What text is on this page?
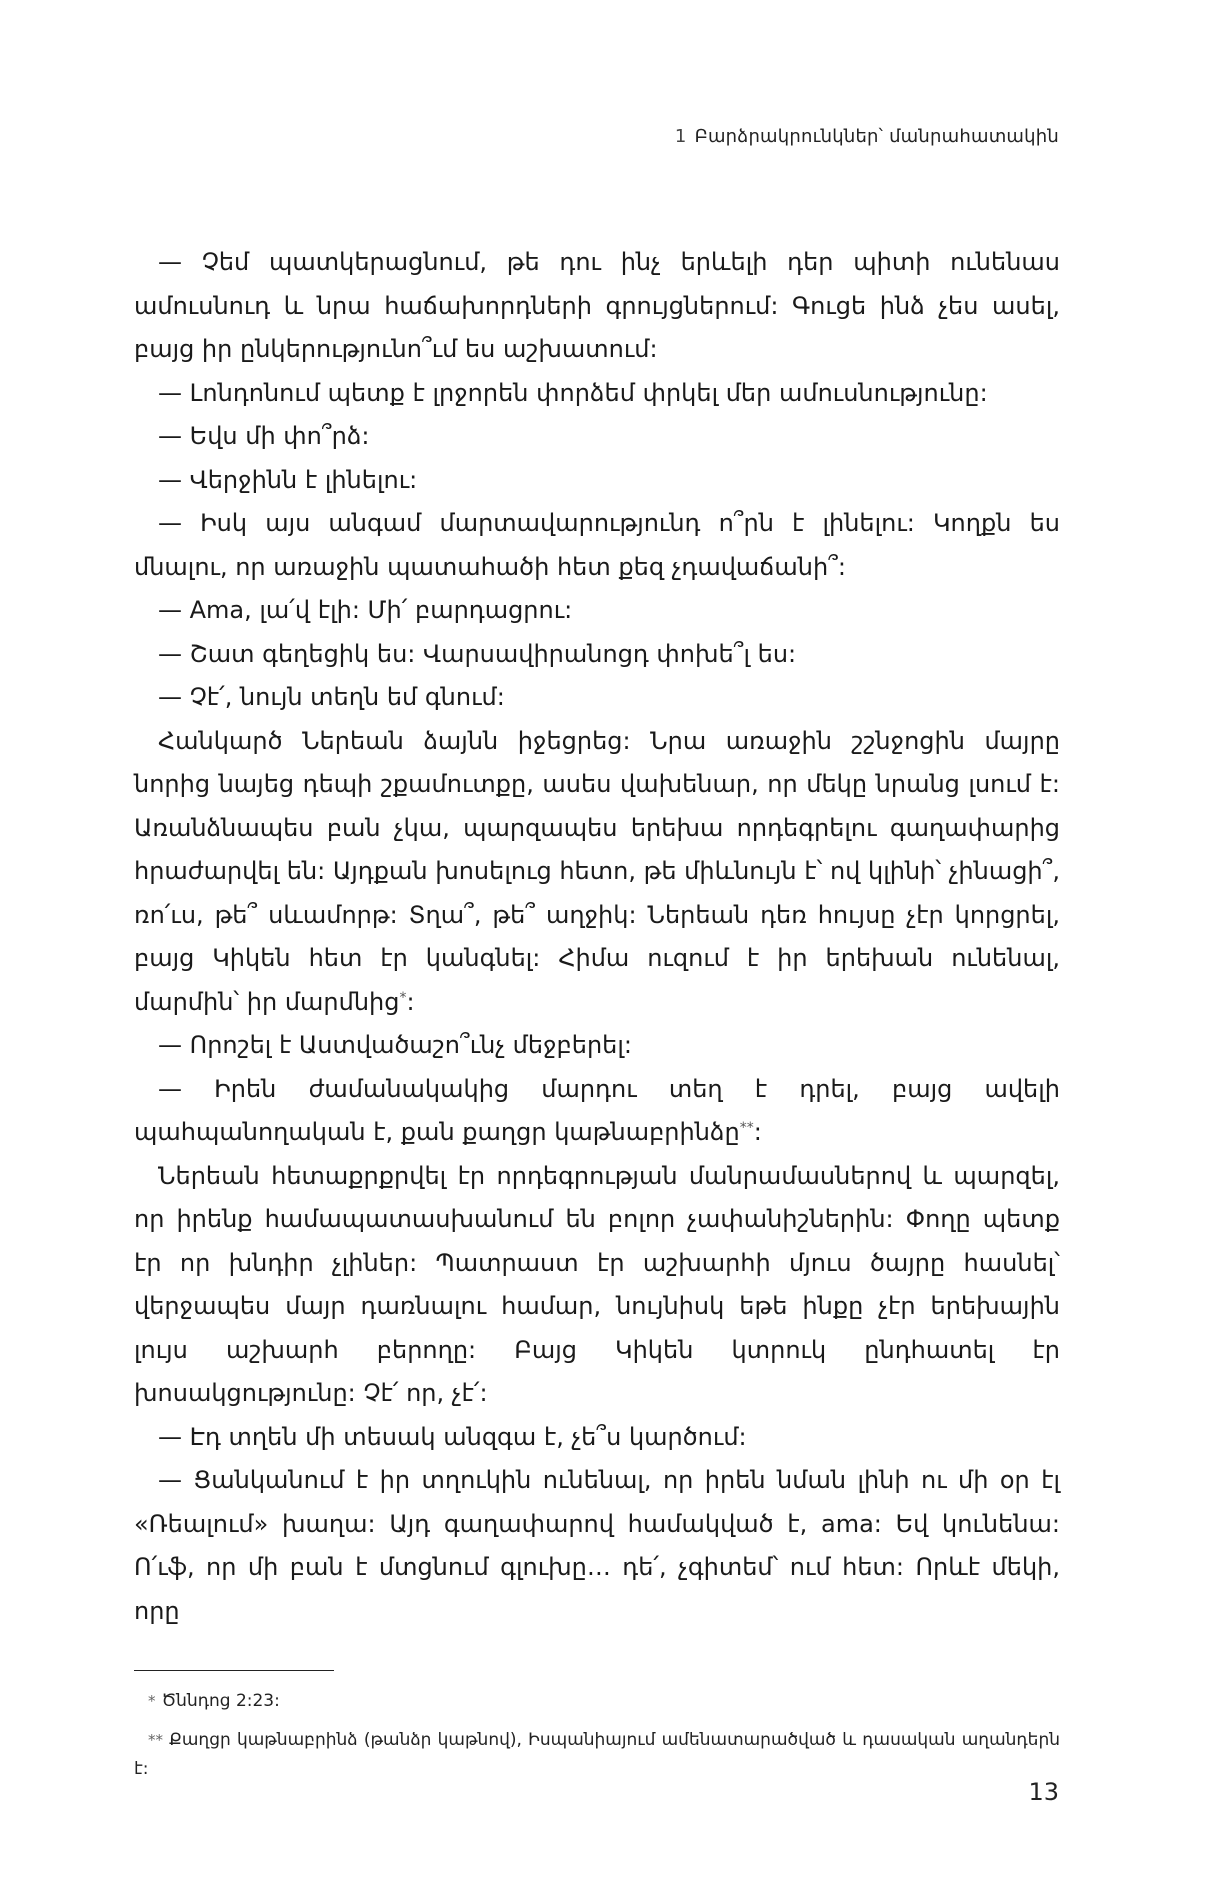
1 Բարձրակրունկներ՝ մանրահատակին

— Չեմ պատկերացնում, թե դու ինչ երևելի դեր պիտի ունենաս ամուսնուդ և նրա հաճախորդների գրույցներում: Գուցե ինձ չես ասել, բայց իր ընկերությունո՞ւմ ես աշխատում:

— Լոնդոնում պետք է լրջորեն փորձեմ փրկել մեր ամուսնությունը:

— Եվս մի փո՞րձ:

— Վերջինն է լինելու:

— Իսկ այս անգամ մարտավարությունդ ո՞րն է լինելու: Կողքն ես մնալու, որ առաջին պատահածի հետ քեզ չդավաճանի՞:

— Ama, լա՛վ էլի: Մի՛ բարդացրու:

— Շատ գեղեցիկ ես: Վարսավիրանոցդ փոխե՞լ ես:

— Չէ՛, նույն տեղն եմ գնում:

Հանկարծ Ներեան ձայնն իջեցրեց: Նրա առաջին շշնջոցին մայրը նորից նայեց դեպի շքամուտքը, ասես վախենար, որ մեկը նրանց լսում է: Առանձնապես բան չկա, պարզապես երեխա որդեգրելու գաղափարից հրաժարվել են: Այդքան խոսելուց հետո, թե միևնույն է՝ ով կլինի՝ չինացի՞, ռո՛ւս, թե՞ սևամորթ: Տղա՞, թե՞ աղջիկ: Ներեան դեռ հույսը չէր կորցրել, բայց Կիկեն հետ էր կանգնել: Հիմա ուզում է իր երեխան ունենալ, մարմին՝ իր մարմնից*:

— Որոշել է Աստվածաշո՞ւնչ մեջբերել:

— Իրեն ժամանակակից մարդու տեղ է դրել, բայց ավելի պահպանողական է, քան քաղցր կաթնաբրինձը**:

Ներեան հետաքրքրվել էր որդեգրության մանրամասներով և պարզել, որ իրենք համապատասխանում են բոլոր չափանիշներին: Փողը պետք էր որ խնդիր չլիներ: Պատրաստ էր աշխարհի մյուս ծայրը հասնել՝ վերջապես մայր դառնալու համար, նույնիսկ եթե ինքը չէր երեխային լույս աշխարհ բերողը: Բայց Կիկեն կտրուկ ընդհատել էր խոսակցությունը: Չէ՛ որ, չէ՛:

— Էդ տղեն մի տեսակ անզգա է, չե՞ս կարծում:

— Ցանկանում է իր տղուկին ունենալ, որ իրեն նման լինի ու մի օր էլ «Ռեալում» խաղա: Այդ գաղափարով համակված է, ama: Եվ կունենա: Ո՛ւֆ, որ մի բան է մտցնում գլուխը… դե՛, չգիտեմ՝ ում հետ: Որևէ մեկի, որը

* Ծննդոց 2:23:

** Քաղցր կաթնաբրինձ (թանձր կաթնով), Իսպանիայում ամենատարածված և դասական աղանդերն է:

13
